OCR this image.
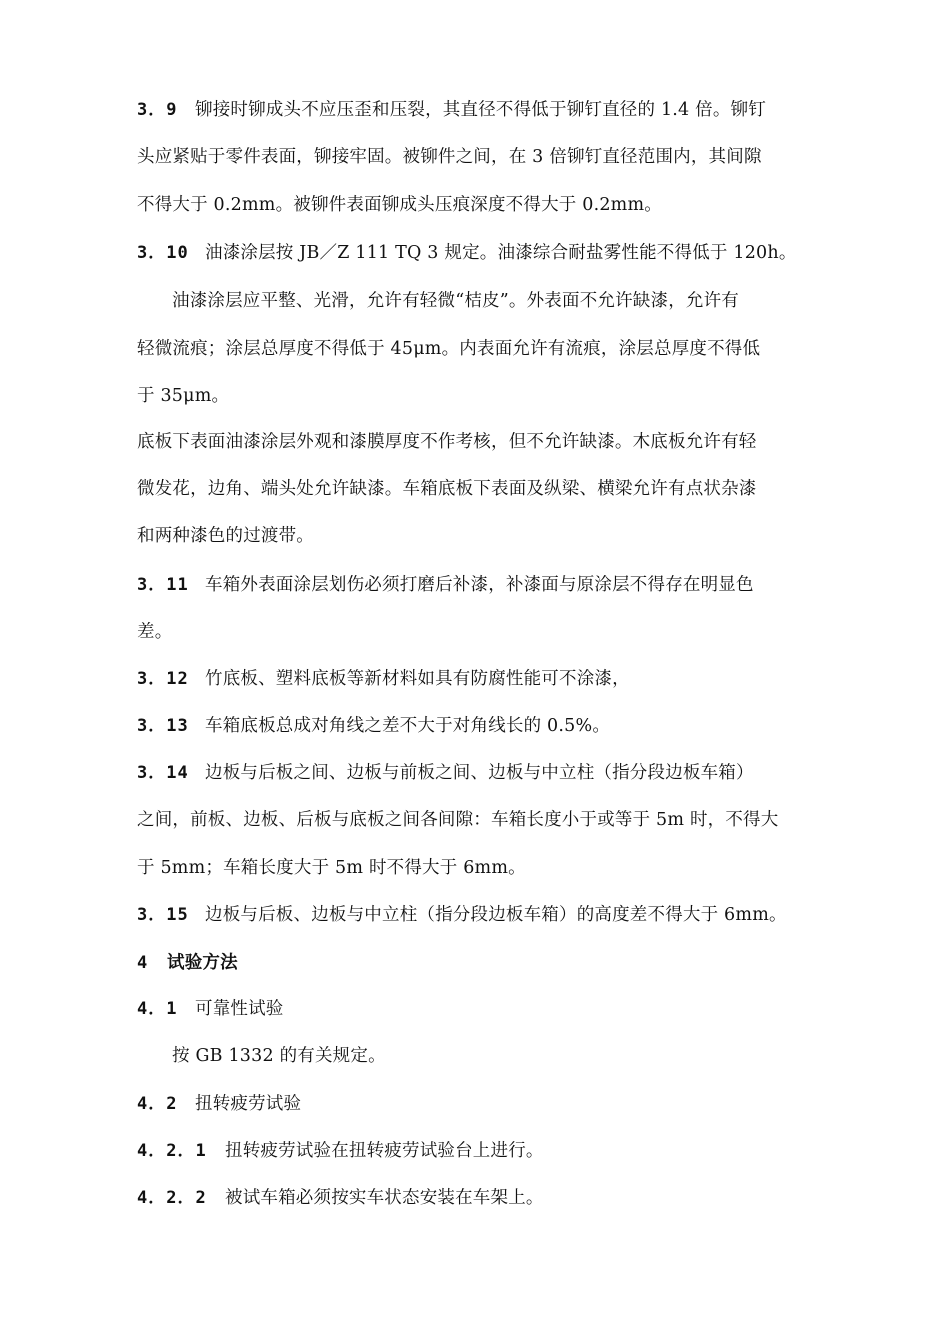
3．9 铆接时铆成头不应压歪和压裂，其直径不得低于铆钉直径的 1.4 倍。铆钉
头应紧贴于零件表面，铆接牢固。被铆件之间，在 3 倍铆钉直径范围内，其间隙
不得大于 0.2mm。被铆件表面铆成头压痕深度不得大于 0.2mm。
3．10 油漆涂层按 JB／Z 111 TQ 3 规定。油漆综合耐盐雾性能不得低于 120h。
油漆涂层应平整、光滑，允许有轻微“桔皮”。外表面不允许缺漆，允许有
轻微流痕；涂层总厚度不得低于 45μm。内表面允许有流痕，涂层总厚度不得低
于 35μm。
底板下表面油漆涂层外观和漆膜厚度不作考核，但不允许缺漆。木底板允许有轻
微发花，边角、端头处允许缺漆。车箱底板下表面及纵梁、横梁允许有点状杂漆
和两种漆色的过渡带。
3．11 车箱外表面涂层划伤必须打磨后补漆，补漆面与原涂层不得存在明显色
差。
3．12 竹底板、塑料底板等新材料如具有防腐性能可不涂漆，
3．13 车箱底板总成对角线之差不大于对角线长的 0.5%。
3．14 边板与后板之间、边板与前板之间、边板与中立柱（指分段边板车箱）
之间，前板、边板、后板与底板之间各间隙：车箱长度小于或等于 5m 时，不得大
于 5mm；车箱长度大于 5m 时不得大于 6mm。
3．15 边板与后板、边板与中立柱（指分段边板车箱）的高度差不得大于 6mm。
4 试验方法
4．1 可靠性试验
按 GB 1332 的有关规定。
4．2 扭转疲劳试验
4．2．1 扭转疲劳试验在扭转疲劳试验台上进行。
4．2．2 被试车箱必须按实车状态安装在车架上。
